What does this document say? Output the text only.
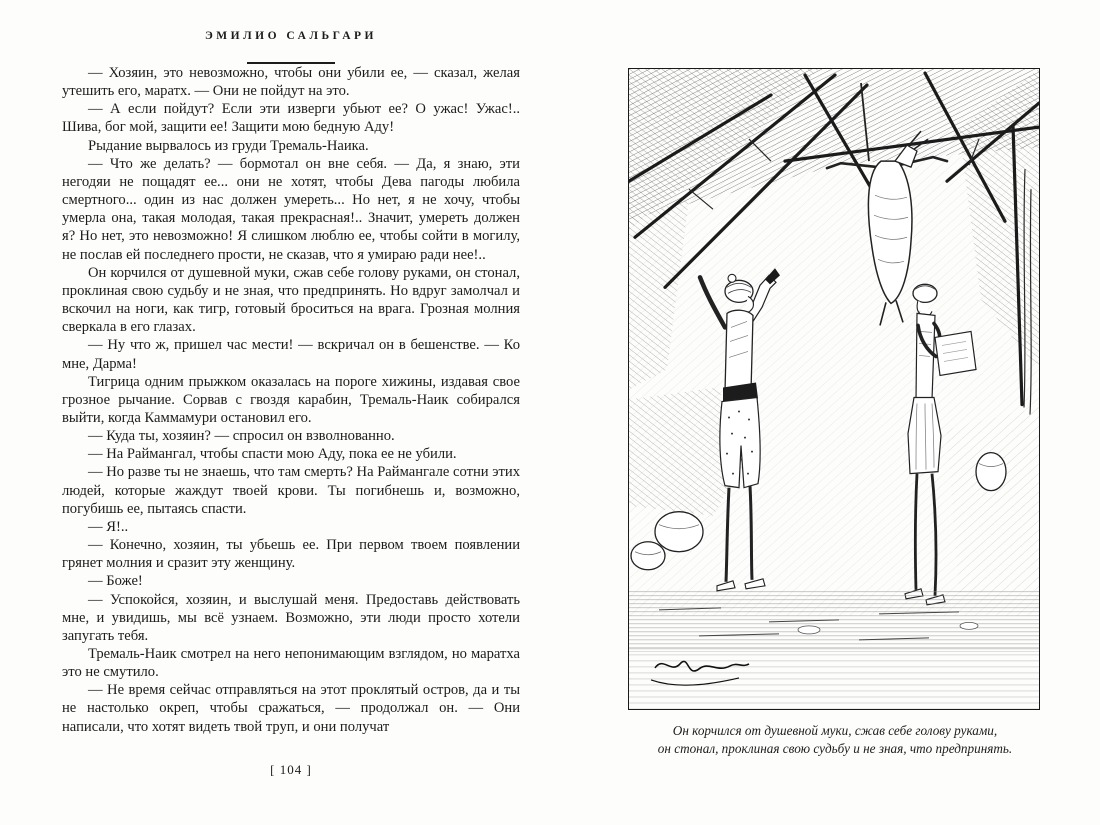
ЭМИЛИО САЛЬГАРИ

— Хозяин, это невозможно, чтобы они убили ее, — сказал, желая утешить его, маратх. — Они не пойдут на это.

— А если пойдут? Если эти изверги убьют ее? О ужас! Ужас!.. Шива, бог мой, защити ее! Защити мою бедную Аду!

Рыдание вырвалось из груди Тремаль-Наика.

— Что же делать? — бормотал он вне себя. — Да, я знаю, эти негодяи не пощадят ее... они не хотят, чтобы Дева пагоды любила смертного... один из нас должен умереть... Но нет, я не хочу, чтобы умерла она, такая молодая, такая прекрасная!.. Значит, умереть должен я? Но нет, это невозможно! Я слишком люблю ее, чтобы сойти в могилу, не послав ей последнего прости, не сказав, что я умираю ради нее!..

Он корчился от душевной муки, сжав себе голову руками, он стонал, проклиная свою судьбу и не зная, что предпринять. Но вдруг замолчал и вскочил на ноги, как тигр, готовый броситься на врага. Грозная молния сверкала в его глазах.

— Ну что ж, пришел час мести! — вскричал он в бешенстве. — Ко мне, Дарма!

Тигрица одним прыжком оказалась на пороге хижины, издавая свое грозное рычание. Сорвав с гвоздя карабин, Тремаль-Наик собирался выйти, когда Каммамури остановил его.

— Куда ты, хозяин? — спросил он взволнованно.

— На Раймангал, чтобы спасти мою Аду, пока ее не убили.

— Но разве ты не знаешь, что там смерть? На Раймангале сотни этих людей, которые жаждут твоей крови. Ты погибнешь и, возможно, погубишь ее, пытаясь спасти.

— Я!..

— Конечно, хозяин, ты убьешь ее. При первом твоем появлении грянет молния и сразит эту женщину.

— Боже!

— Успокойся, хозяин, и выслушай меня. Предоставь действовать мне, и увидишь, мы всё узнаем. Возможно, эти люди просто хотели запугать тебя.

Тремаль-Наик смотрел на него непонимающим взглядом, но маратха это не смутило.

— Не время сейчас отправляться на этот проклятый остров, да и ты не настолько окреп, чтобы сражаться, — продолжал он. — Они написали, что хотят видеть твой труп, и они получат

[ 104 ]
Он корчился от душевной муки, сжав себе голову руками,
он стонал, проклиная свою судьбу и не зная, что предпринять.
